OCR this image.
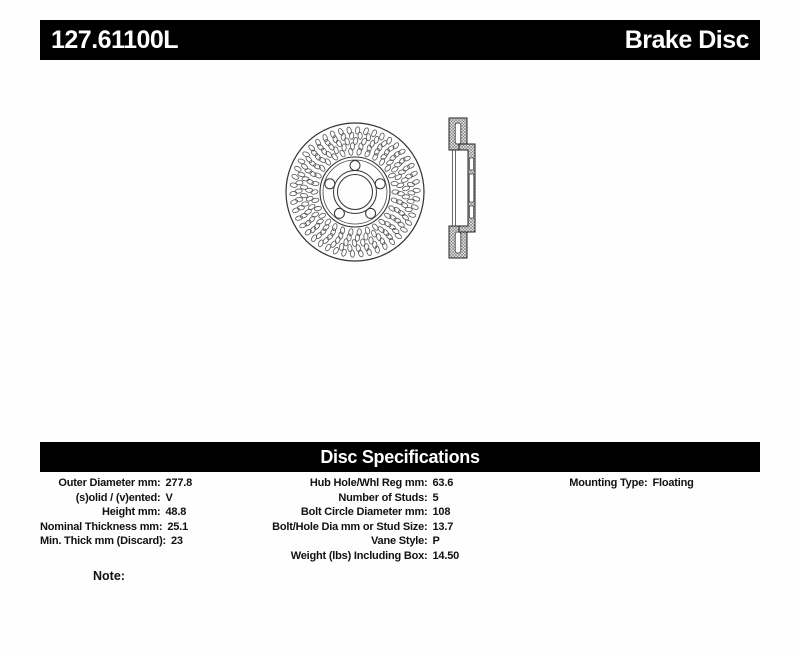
127.61100L	Brake Disc
Disc Specifications
Outer Diameter mm: 277.8
(s)olid / (v)ented: V
Height mm: 48.8
Nominal Thickness mm: 25.1
Min. Thick mm (Discard): 23
Hub Hole/Whl Reg mm: 63.6
Number of Studs: 5
Bolt Circle Diameter mm: 108
Bolt/Hole Dia mm or Stud Size: 13.7
Vane Style: P
Weight (lbs) Including Box: 14.50
Mounting Type: Floating
Note:
